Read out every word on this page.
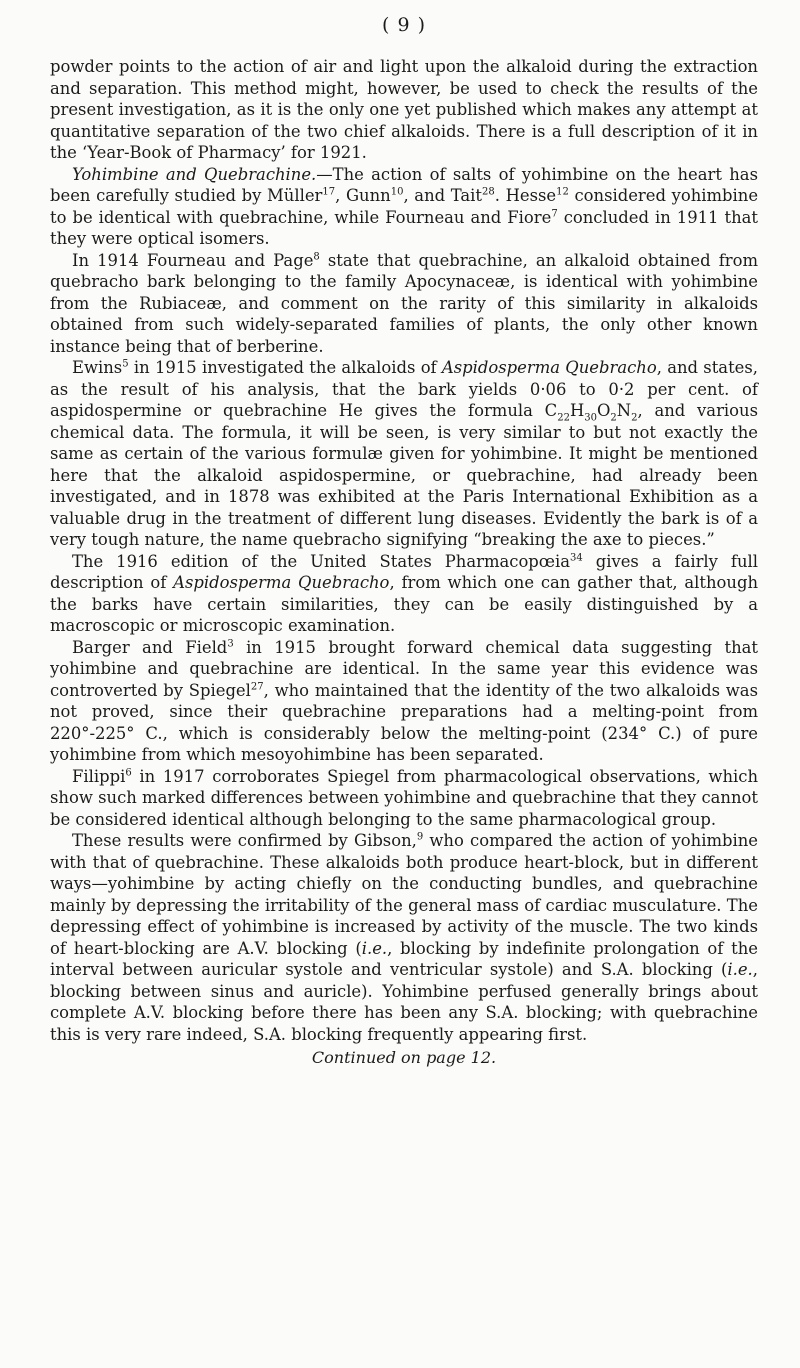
( 9 )

powder points to the action of air and light upon the alkaloid during the extraction and separation. This method might, however, be used to check the results of the present investigation, as it is the only one yet published which makes any attempt at quantitative separation of the two chief alkaloids. There is a full description of it in the ‘Year-Book of Pharmacy’ for 1921.

Yohimbine and Quebrachine.—The action of salts of yohimbine on the heart has been carefully studied by Müller$^{17}$, Gunn$^{10}$, and Tait$^{28}$. Hesse$^{12}$ considered yohimbine to be identical with quebrachine, while Fourneau and Fiore$^7$ concluded in 1911 that they were optical isomers.

In 1914 Fourneau and Page$^8$ state that quebrachine, an alkaloid obtained from quebracho bark belonging to the family Apocynaceæ, is identical with yohimbine from the Rubiaceæ, and comment on the rarity of this similarity in alkaloids obtained from such widely-separated families of plants, the only other known instance being that of berberine.

Ewins$^5$ in 1915 investigated the alkaloids of Aspidosperma Quebracho, and states, as the result of his analysis, that the bark yields 0·06 to 0·2 per cent. of aspidospermine or quebrachine He gives the formula $C_{22}H_{30}O_2N_2$, and various chemical data. The formula, it will be seen, is very similar to but not exactly the same as certain of the various formulæ given for yohimbine. It might be mentioned here that the alkaloid aspidospermine, or quebrachine, had already been investigated, and in 1878 was exhibited at the Paris International Exhibition as a valuable drug in the treatment of different lung diseases. Evidently the bark is of a very tough nature, the name quebracho signifying “breaking the axe to pieces.”

The 1916 edition of the United States Pharmacopœia$^{34}$ gives a fairly full description of Aspidosperma Quebracho, from which one can gather that, although the barks have certain similarities, they can be easily distinguished by a macroscopic or microscopic examination.

Barger and Field$^3$ in 1915 brought forward chemical data suggesting that yohimbine and quebrachine are identical. In the same year this evidence was controverted by Spiegel$^{27}$, who maintained that the identity of the two alkaloids was not proved, since their quebrachine preparations had a melting-point from 220°-225° C., which is considerably below the melting-point (234° C.) of pure yohimbine from which mesoyohimbine has been separated.

Filippi$^6$ in 1917 corroborates Spiegel from pharmacological observations, which show such marked differences between yohimbine and quebrachine that they cannot be considered identical although belonging to the same pharmacological group.

These results were confirmed by Gibson,$^9$ who compared the action of yohimbine with that of quebrachine. These alkaloids both produce heart-block, but in different ways—yohimbine by acting chiefly on the conducting bundles, and quebrachine mainly by depressing the irritability of the general mass of cardiac musculature. The depressing effect of yohimbine is increased by activity of the muscle. The two kinds of heart-blocking are A.V. blocking (i.e., blocking by indefinite prolongation of the interval between auricular systole and ventricular systole) and S.A. blocking (i.e., blocking between sinus and auricle). Yohimbine perfused generally brings about complete A.V. blocking before there has been any S.A. blocking; with quebrachine this is very rare indeed, S.A. blocking frequently appearing first.

Continued on page 12.
